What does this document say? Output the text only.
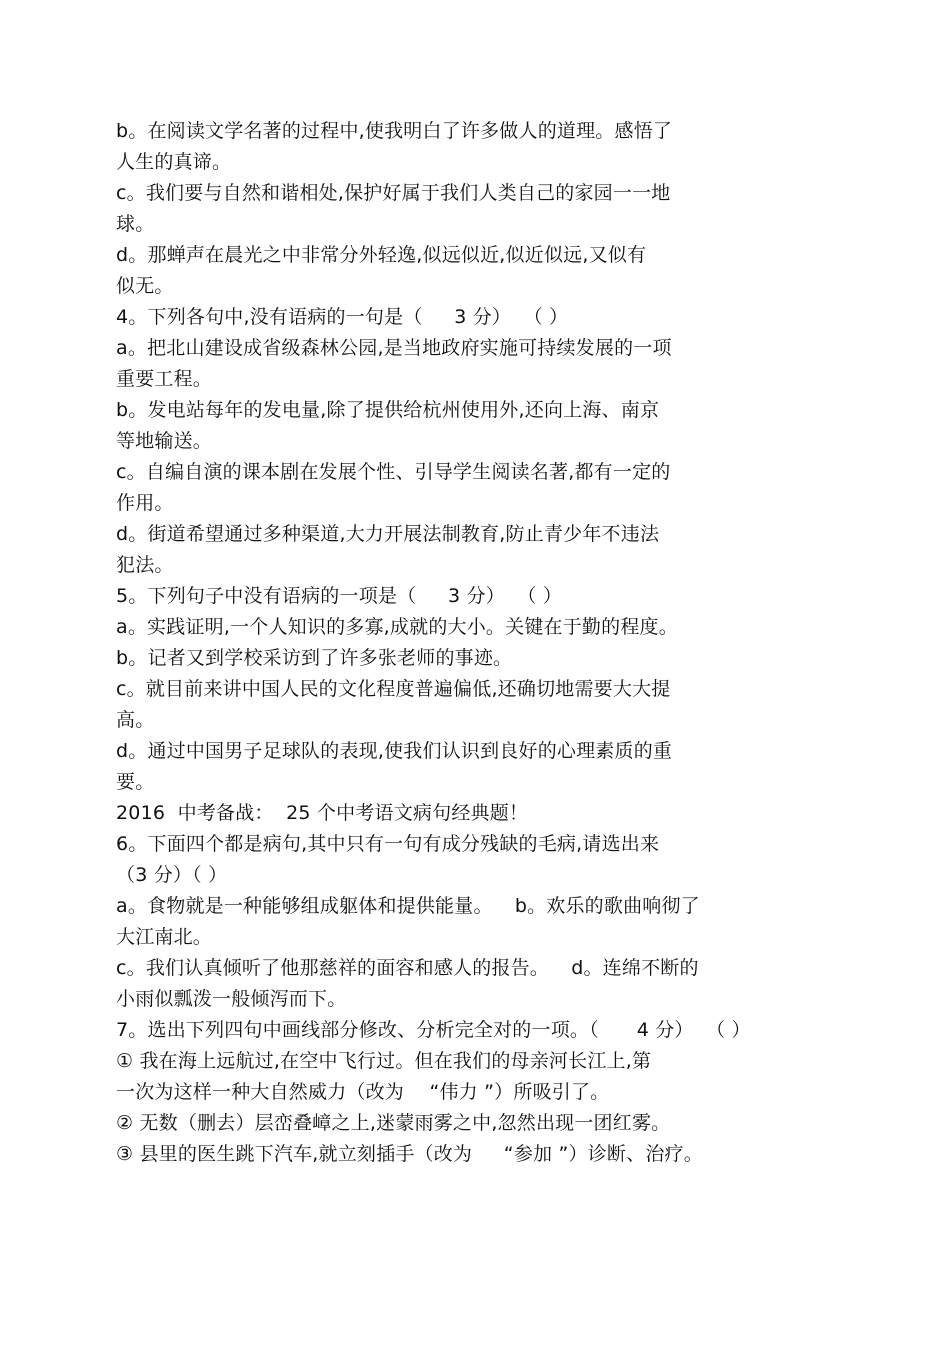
b。在阅读文学名著的过程中,使我明白了许多做人的道理。感悟了
人生的真谛。
c。我们要与自然和谐相处,保护好属于我们人类自己的家园一一地
球。
d。那蝉声在晨光之中非常分外轻逸,似远似近,似近似远,又似有
似无。
4。下列各句中,没有语病的一句是（　  3 分）  （ ）
a。把北山建设成省级森林公园,是当地政府实施可持续发展的一项
重要工程。
b。发电站每年的发电量,除了提供给杭州使用外,还向上海、南京
等地输送。
c。自编自演的课本剧在发展个性、引导学生阅读名著,都有一定的
作用。
d。街道希望通过多种渠道,大力开展法制教育,防止青少年不违法
犯法。
5。下列句子中没有语病的一项是（　  3 分）  （ ）
a。实践证明,一个人知识的多寡,成就的大小。关键在于勤的程度。
b。记者又到学校采访到了许多张老师的事迹。
c。就目前来讲中国人民的文化程度普遍偏低,还确切地需要大大提
高。
d。通过中国男子足球队的表现,使我们认识到良好的心理素质的重
要。
2016  中考备战：  25 个中考语文病句经典题！
6。下面四个都是病句,其中只有一句有成分残缺的毛病,请选出来
（3 分）（ ）
a。食物就是一种能够组成躯体和提供能量。　  b。欢乐的歌曲响彻了
大江南北。
c。我们认真倾听了他那慈祥的面容和感人的报告。　  d。连绵不断的
小雨似瓢泼一般倾泻而下。
7。选出下列四句中画线部分修改、分析完全对的一项。（　   4 分）  （ ）
① 我在海上远航过,在空中飞行过。但在我们的母亲河长江上,第
一次为这样一种大自然威力（改为　 “伟力 ”）所吸引了。
② 无数（删去）层峦叠嶂之上,迷蒙雨雾之中,忽然出现一团红雾。
③ 县里的医生跳下汽车,就立刻插手（改为　  “参加 ”）诊断、治疗。
